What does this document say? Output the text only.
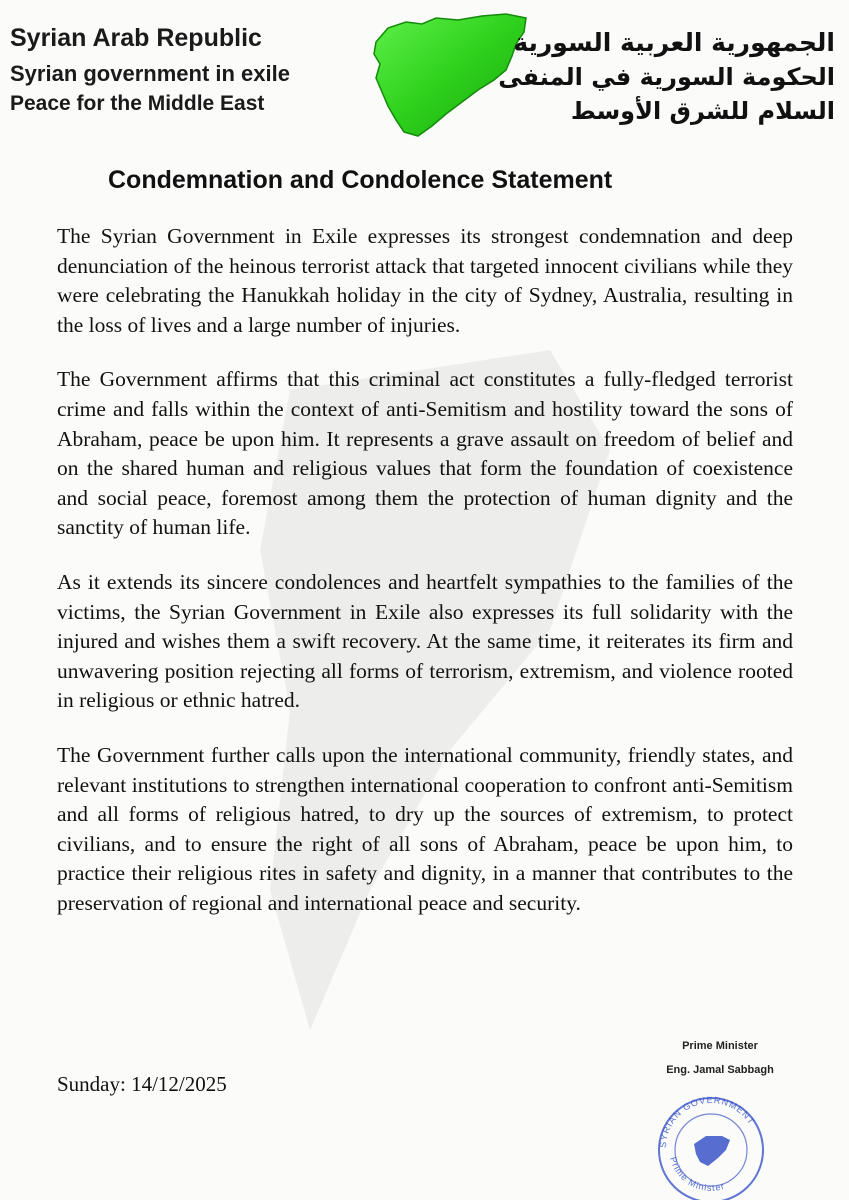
Syrian Arab Republic
Syrian government in exile
Peace for the Middle East
الجمهورية العربية السورية
الحكومة السورية في المنفى
السلام للشرق الأوسط
Condemnation and Condolence Statement

The Syrian Government in Exile expresses its strongest condemnation and deep denunciation of the heinous terrorist attack that targeted innocent civilians while they were celebrating the Hanukkah holiday in the city of Sydney, Australia, resulting in the loss of lives and a large number of injuries.

The Government affirms that this criminal act constitutes a fully-fledged terrorist crime and falls within the context of anti-Semitism and hostility toward the sons of Abraham, peace be upon him. It represents a grave assault on freedom of belief and on the shared human and religious values that form the foundation of coexistence and social peace, foremost among them the protection of human dignity and the sanctity of human life.

As it extends its sincere condolences and heartfelt sympathies to the families of the victims, the Syrian Government in Exile also expresses its full solidarity with the injured and wishes them a swift recovery. At the same time, it reiterates its firm and unwavering position rejecting all forms of terrorism, extremism, and violence rooted in religious or ethnic hatred.

The Government further calls upon the international community, friendly states, and relevant institutions to strengthen international cooperation to confront anti-Semitism and all forms of religious hatred, to dry up the sources of extremism, to protect civilians, and to ensure the right of all sons of Abraham, peace be upon him, to practice their religious rites in safety and dignity, in a manner that contributes to the preservation of regional and international peace and security.

Sunday: 14/12/2025
Prime Minister
Eng. Jamal Sabbagh
SYRIAN GOVERNMENT
Prime Minister
